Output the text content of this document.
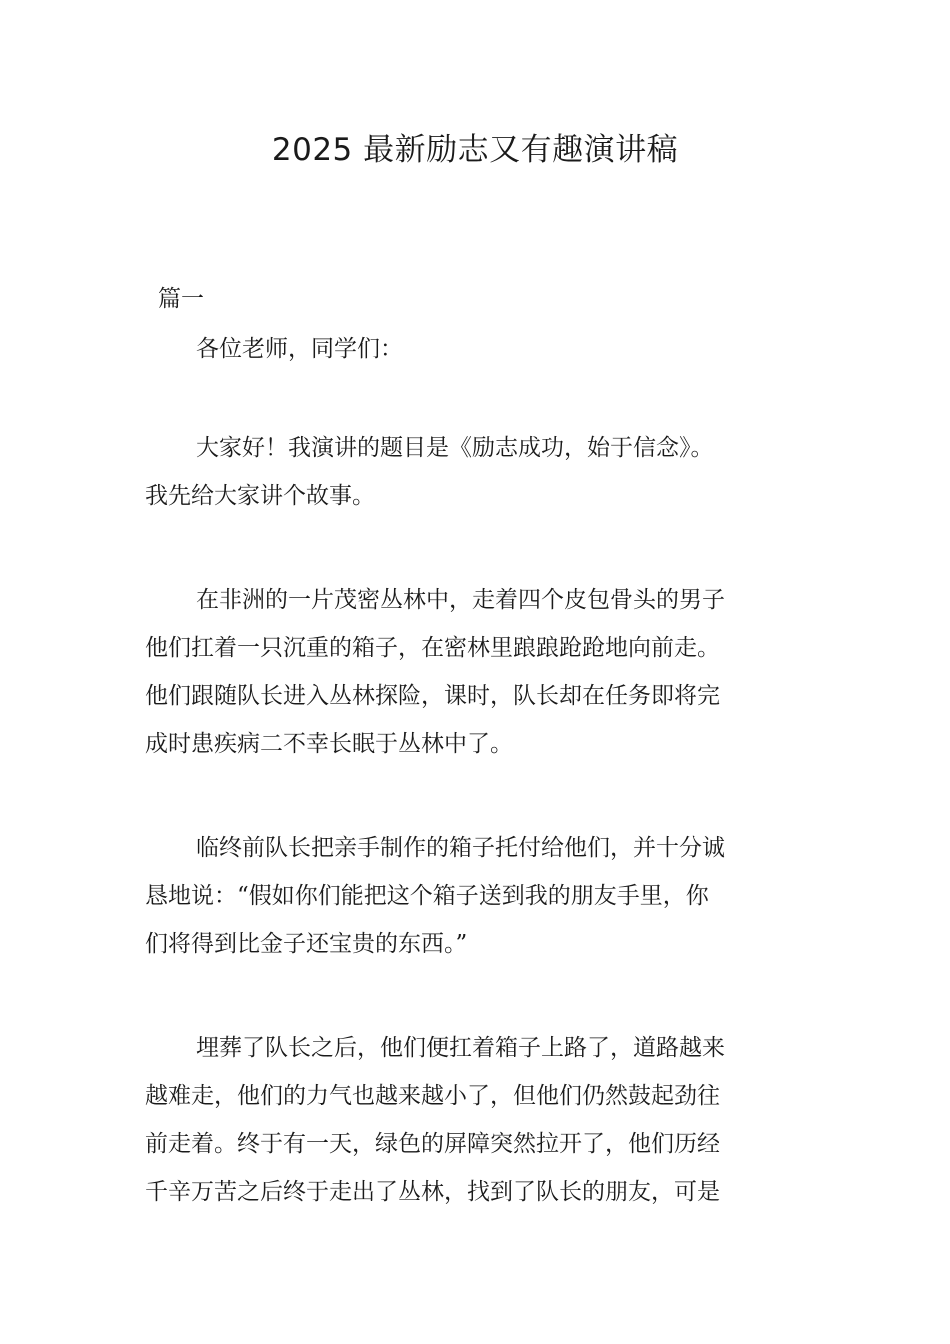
2025 最新励志又有趣演讲稿
篇一
各位老师，同学们：
大家好！我演讲的题目是《励志成功，始于信念》。
我先给大家讲个故事。
在非洲的一片茂密丛林中，走着四个皮包骨头的男子
他们扛着一只沉重的箱子，在密林里踉踉跄跄地向前走。
他们跟随队长进入丛林探险，课时，队长却在任务即将完
成时患疾病二不幸长眠于丛林中了。
临终前队长把亲手制作的箱子托付给他们，并十分诚
恳地说：“假如你们能把这个箱子送到我的朋友手里，你
们将得到比金子还宝贵的东西。”
埋葬了队长之后，他们便扛着箱子上路了，道路越来
越难走，他们的力气也越来越小了，但他们仍然鼓起劲往
前走着。终于有一天，绿色的屏障突然拉开了，他们历经
千辛万苦之后终于走出了丛林，找到了队长的朋友，可是
